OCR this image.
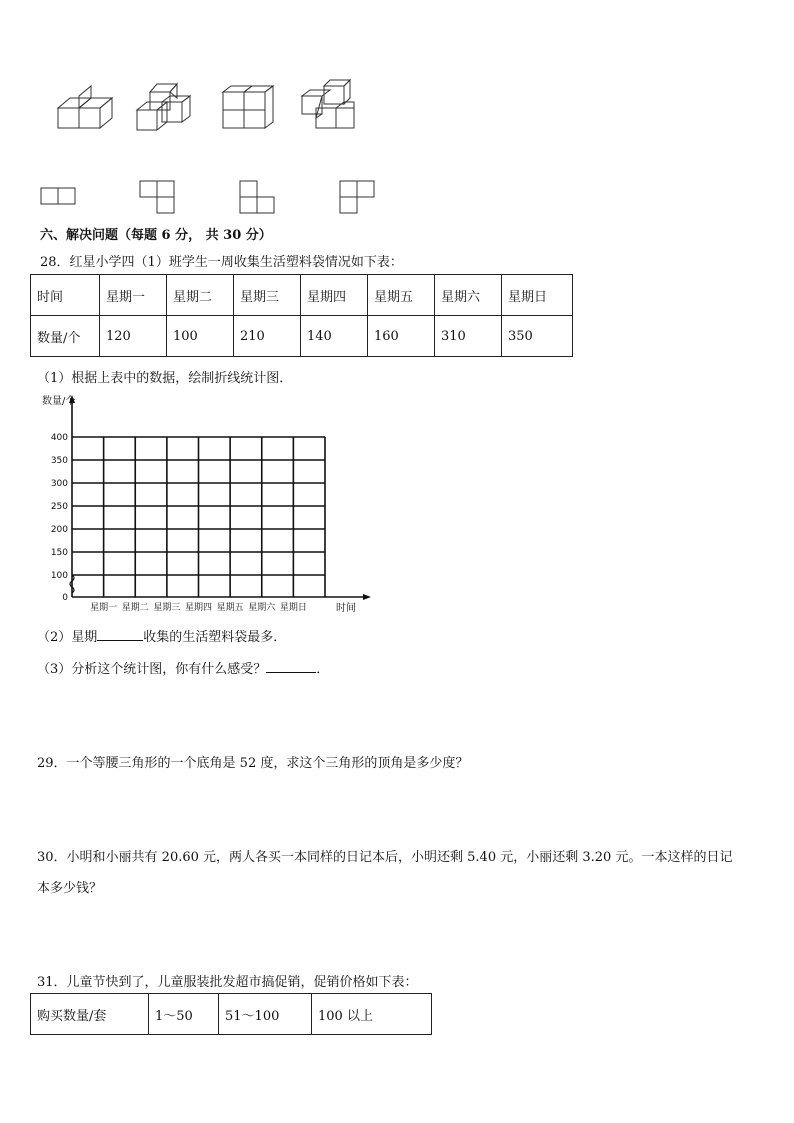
六、解决问题（每题 6 分， 共 30 分）
28．红星小学四（1）班学生一周收集生活塑料袋情况如下表：
时间	星期一	星期二	星期三	星期四	星期五	星期六	星期日
数量/个	120	100	210	140	160	310	350
（1）根据上表中的数据，绘制折线统计图．
0
100
150
200
250
300
350
400
星期一 星期二 星期三 星期四 星期五 星期六 星期日
数量/个
时间
（2）星期	收集的生活塑料袋最多．
（3）分析这个统计图，你有什么感受？	．
29．一个等腰三角形的一个底角是 52 度，求这个三角形的顶角是多少度？
30．小明和小丽共有 20.60 元，两人各买一本同样的日记本后，小明还剩 5.40 元，小丽还剩 3.20 元。一本这样的日记
本多少钱？
31．儿童节快到了，儿童服装批发超市搞促销，促销价格如下表：
购买数量/套	1～50	51～100	100 以上
